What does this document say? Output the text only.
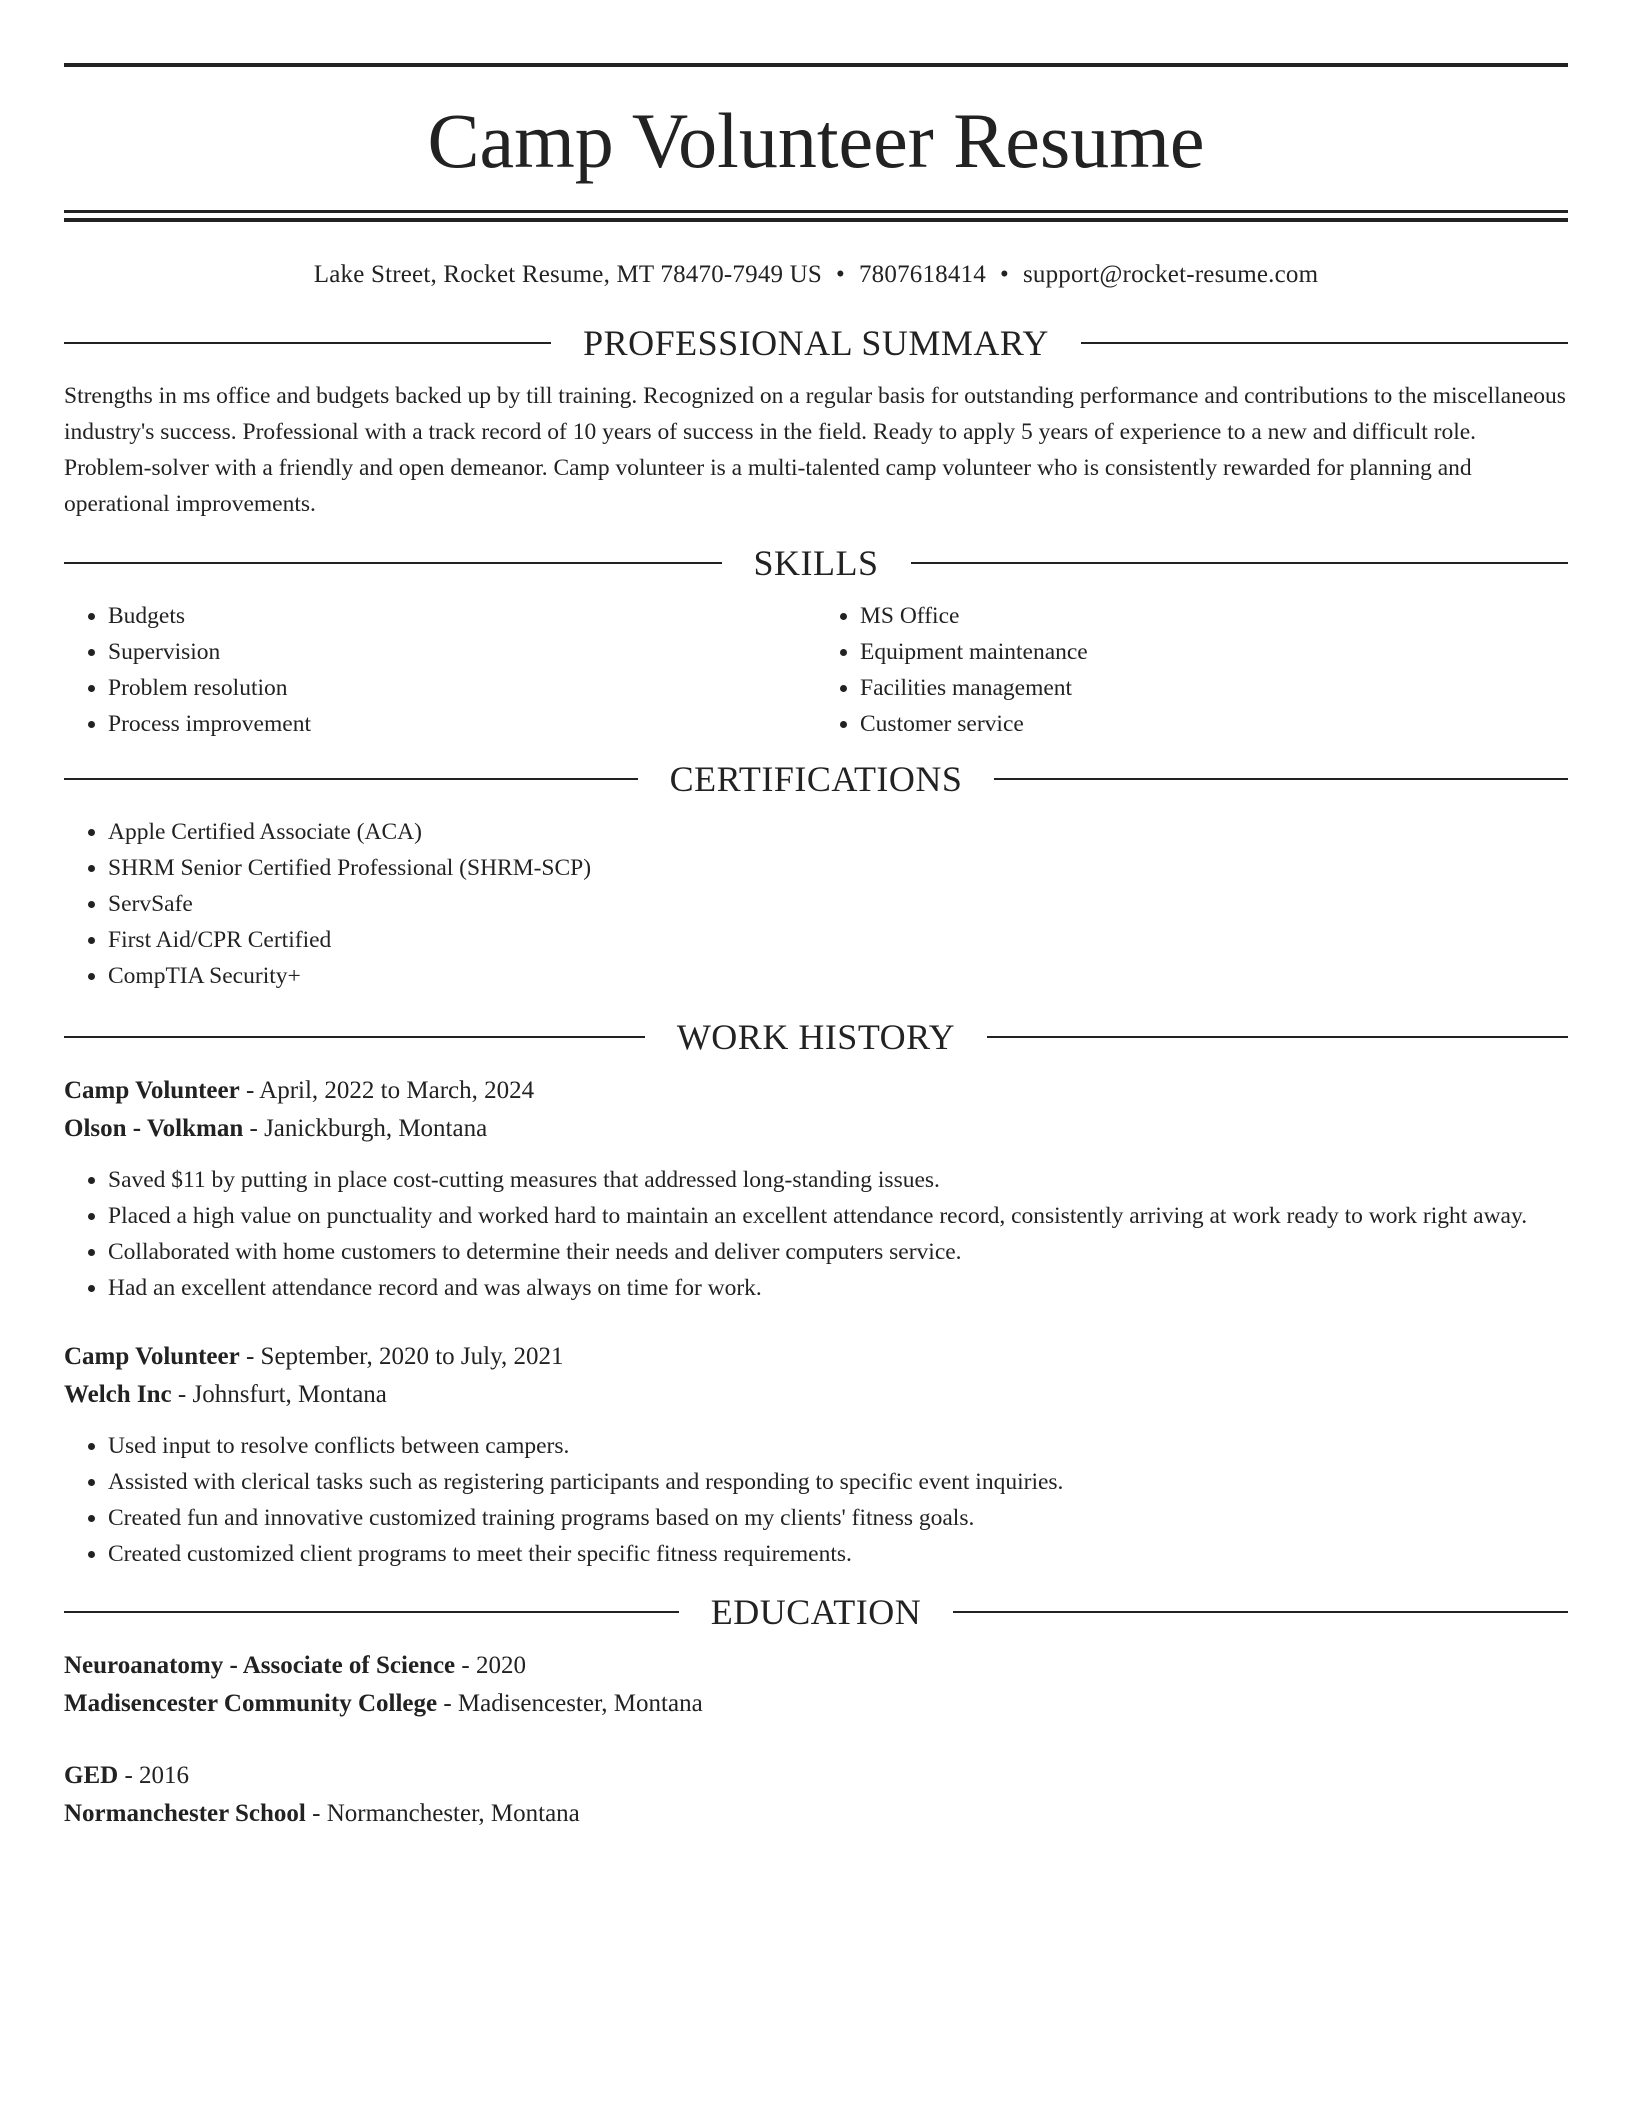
Camp Volunteer Resume
Lake Street, Rocket Resume, MT 78470-7949 US • 7807618414 • support@rocket-resume.com
PROFESSIONAL SUMMARY

Strengths in ms office and budgets backed up by till training. Recognized on a regular basis for outstanding performance and contributions to the miscellaneous industry's success. Professional with a track record of 10 years of success in the field. Ready to apply 5 years of experience to a new and difficult role. Problem-solver with a friendly and open demeanor. Camp volunteer is a multi-talented camp volunteer who is consistently rewarded for planning and operational improvements.

SKILLS
• Budgets
• Supervision
• Problem resolution
• Process improvement
• MS Office
• Equipment maintenance
• Facilities management
• Customer service
CERTIFICATIONS
• Apple Certified Associate (ACA)
• SHRM Senior Certified Professional (SHRM-SCP)
• ServSafe
• First Aid/CPR Certified
• CompTIA Security+
WORK HISTORY
Camp Volunteer - April, 2022 to March, 2024
Olson - Volkman - Janickburgh, Montana
• Saved $11 by putting in place cost-cutting measures that addressed long-standing issues.
• Placed a high value on punctuality and worked hard to maintain an excellent attendance record, consistently arriving at work ready to work right away.
• Collaborated with home customers to determine their needs and deliver computers service.
• Had an excellent attendance record and was always on time for work.
Camp Volunteer - September, 2020 to July, 2021
Welch Inc - Johnsfurt, Montana
• Used input to resolve conflicts between campers.
• Assisted with clerical tasks such as registering participants and responding to specific event inquiries.
• Created fun and innovative customized training programs based on my clients' fitness goals.
• Created customized client programs to meet their specific fitness requirements.
EDUCATION
Neuroanatomy - Associate of Science - 2020
Madisencester Community College - Madisencester, Montana
GED - 2016
Normanchester School - Normanchester, Montana
